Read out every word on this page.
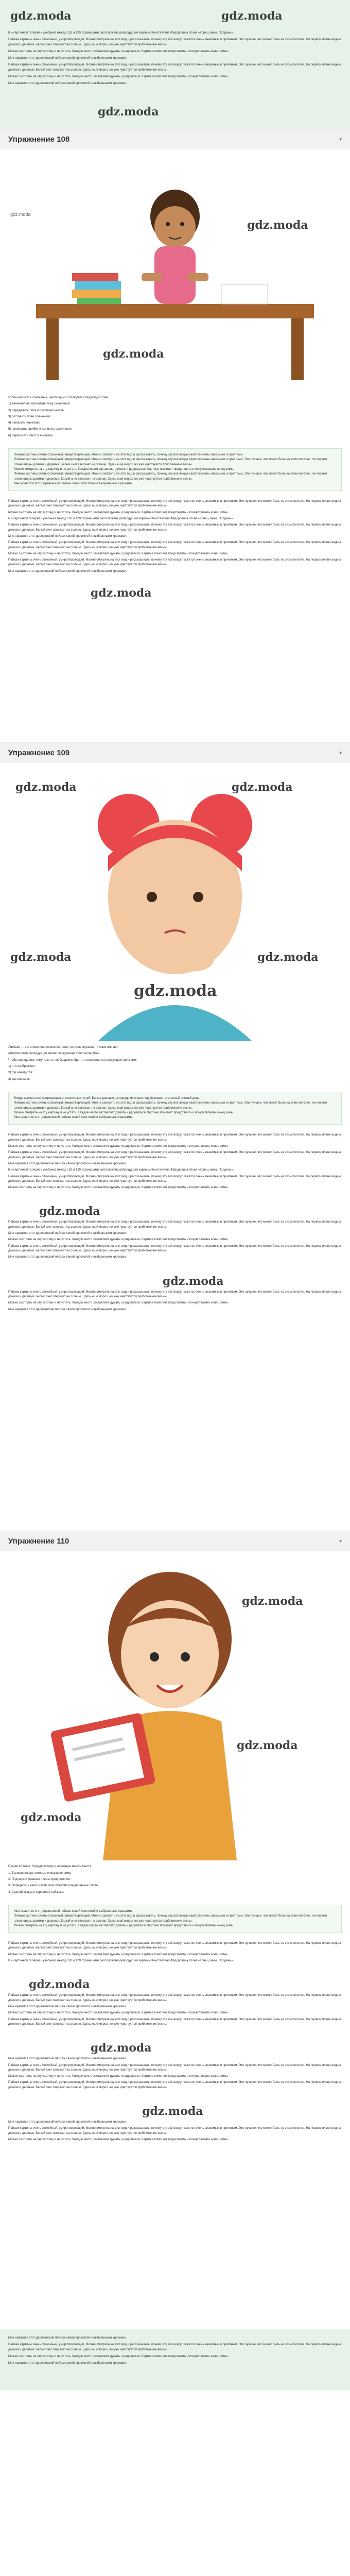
gdz.moda	gdz.moda

В «Картинной галерее» учебника между 128 и 129 страницами расположена репродукция картины Константина Фёдоровича Юона «Конец зимы. Полдень».

Пейзаж картины очень спокойный, умиротворяющий. Можно смотреть на этот вид и рассказывать, почему эту всё вокруг кажется очень знакомым и приятным. Это лучшее, что может быть на этом полотне. На первом плане видны домики и деревья. Белый снег сверкает на солнце. Здесь ещё мороз, но уже чувствуется приближение весны.

Можно смотреть на эту картину и не устать. Каждое место заставляет думать и радоваться. Картина помогает представить и почувствовать конец зимы.

Мне нравится этот деревенский пейзаж своей простотой и выбранными красками.

Пейзаж картины очень спокойный, умиротворяющий. Можно смотреть на этот вид и рассказывать, почему эту всё вокруг кажется очень знакомым и приятным. Это лучшее, что может быть на этом полотне. На первом плане видны домики и деревья. Белый снег сверкает на солнце. Здесь ещё мороз, но уже чувствуется приближение весны.

Можно смотреть на эту картину и не устать. Каждое место заставляет думать и радоваться. Картина помогает представить и почувствовать конец зимы.

Мне нравится этот деревенский пейзаж своей простотой и выбранными красками.

gdz.moda
Упражнение 108	▾
gdz.moda
gdz.moda
gdz.moda

Чтобы написать сочинение, необходимо соблюдать следующий план:

1) внимательно прочитать тему сочинения;

2) определить тему и основную мысль;

3) составить план сочинения;

4) написать черновик;

5) проверить ошибки и выписать замечания;

6) переписать текст в чистовик.

Пейзаж картины очень спокойный, умиротворяющий. Можно смотреть на этот вид и рассказывать, почему эту всё вокруг кажется очень знакомым и приятным.

Пейзаж картины очень спокойный, умиротворяющий. Можно смотреть на этот вид и рассказывать, почему эту всё вокруг кажется очень знакомым и приятным. Это лучшее, что может быть на этом полотне. На первом плане видны домики и деревья. Белый снег сверкает на солнце. Здесь ещё мороз, но уже чувствуется приближение весны.

Можно смотреть на эту картину и не устать. Каждое место заставляет думать и радоваться. Картина помогает представить и почувствовать конец зимы.

Пейзаж картины очень спокойный, умиротворяющий. Можно смотреть на этот вид и рассказывать, почему эту всё вокруг кажется очень знакомым и приятным. Это лучшее, что может быть на этом полотне. На первом плане видны домики и деревья. Белый снег сверкает на солнце. Здесь ещё мороз, но уже чувствуется приближение весны.

Мне нравится этот деревенский пейзаж своей простотой и выбранными красками.

Пейзаж картины очень спокойный, умиротворяющий. Можно смотреть на этот вид и рассказывать, почему эту всё вокруг кажется очень знакомым и приятным. Это лучшее, что может быть на этом полотне. На первом плане видны домики и деревья. Белый снег сверкает на солнце. Здесь ещё мороз, но уже чувствуется приближение весны.

Можно смотреть на эту картину и не устать. Каждое место заставляет думать и радоваться. Картина помогает представить и почувствовать конец зимы.

В «Картинной галерее» учебника между 128 и 129 страницами расположена репродукция картины Константина Фёдоровича Юона «Конец зимы. Полдень».

Пейзаж картины очень спокойный, умиротворяющий. Можно смотреть на этот вид и рассказывать, почему эту всё вокруг кажется очень знакомым и приятным. Это лучшее, что может быть на этом полотне. На первом плане видны домики и деревья. Белый снег сверкает на солнце. Здесь ещё мороз, но уже чувствуется приближение весны.

Мне нравится этот деревенский пейзаж своей простотой и выбранными красками.

Пейзаж картины очень спокойный, умиротворяющий. Можно смотреть на этот вид и рассказывать, почему эту всё вокруг кажется очень знакомым и приятным. Это лучшее, что может быть на этом полотне. На первом плане видны домики и деревья. Белый снег сверкает на солнце. Здесь ещё мороз, но уже чувствуется приближение весны.

Можно смотреть на эту картину и не устать. Каждое место заставляет думать и радоваться. Картина помогает представить и почувствовать конец зимы.

Пейзаж картины очень спокойный, умиротворяющий. Можно смотреть на этот вид и рассказывать, почему эту всё вокруг кажется очень знакомым и приятным. Это лучшее, что может быть на этом полотне. На первом плане видны домики и деревья. Белый снег сверкает на солнце. Здесь ещё мороз, но уже чувствуется приближение весны.

Мне нравится этот деревенский пейзаж своей простотой и выбранными красками.

gdz.moda
Упражнение 109	▾
gdz.moda	gdz.moda
gdz.moda	gdz.moda
gdz.moda

Литовки — это слово или словосочетание, которое отражает и сама или нет.

Автором этой репродукции является художник Константин Юон.

Чтобы определить тему текста, необходимо обратить внимание на следующие признаки:

1) что изображено;

2) где находится;

3) как описано.

Вокруг кажется всё сверкающим от солнечных лучей. Белые деревья на переднем плане подчёркивают этот ясный зимний день.

Пейзаж картины очень спокойный, умиротворяющий. Можно смотреть на этот вид и рассказывать, почему эту всё вокруг кажется очень знакомым и приятным. Это лучшее, что может быть на этом полотне. На первом плане видны домики и деревья. Белый снег сверкает на солнце. Здесь ещё мороз, но уже чувствуется приближение весны.

Можно смотреть на эту картину и не устать. Каждое место заставляет думать и радоваться. Картина помогает представить и почувствовать конец зимы.

Мне нравится этот деревенский пейзаж своей простотой и выбранными красками.

Пейзаж картины очень спокойный, умиротворяющий. Можно смотреть на этот вид и рассказывать, почему эту всё вокруг кажется очень знакомым и приятным. Это лучшее, что может быть на этом полотне. На первом плане видны домики и деревья. Белый снег сверкает на солнце. Здесь ещё мороз, но уже чувствуется приближение весны.

Можно смотреть на эту картину и не устать. Каждое место заставляет думать и радоваться. Картина помогает представить и почувствовать конец зимы.

Пейзаж картины очень спокойный, умиротворяющий. Можно смотреть на этот вид и рассказывать, почему эту всё вокруг кажется очень знакомым и приятным. Это лучшее, что может быть на этом полотне. На первом плане видны домики и деревья. Белый снег сверкает на солнце. Здесь ещё мороз, но уже чувствуется приближение весны.

Мне нравится этот деревенский пейзаж своей простотой и выбранными красками.

В «Картинной галерее» учебника между 128 и 129 страницами расположена репродукция картины Константина Фёдоровича Юона «Конец зимы. Полдень».

Пейзаж картины очень спокойный, умиротворяющий. Можно смотреть на этот вид и рассказывать, почему эту всё вокруг кажется очень знакомым и приятным. Это лучшее, что может быть на этом полотне. На первом плане видны домики и деревья. Белый снег сверкает на солнце. Здесь ещё мороз, но уже чувствуется приближение весны.

Можно смотреть на эту картину и не устать. Каждое место заставляет думать и радоваться. Картина помогает представить и почувствовать конец зимы.

gdz.moda

Пейзаж картины очень спокойный, умиротворяющий. Можно смотреть на этот вид и рассказывать, почему эту всё вокруг кажется очень знакомым и приятным. Это лучшее, что может быть на этом полотне. На первом плане видны домики и деревья. Белый снег сверкает на солнце. Здесь ещё мороз, но уже чувствуется приближение весны.

Мне нравится этот деревенский пейзаж своей простотой и выбранными красками.

Можно смотреть на эту картину и не устать. Каждое место заставляет думать и радоваться. Картина помогает представить и почувствовать конец зимы.

Пейзаж картины очень спокойный, умиротворяющий. Можно смотреть на этот вид и рассказывать, почему эту всё вокруг кажется очень знакомым и приятным. Это лучшее, что может быть на этом полотне. На первом плане видны домики и деревья. Белый снег сверкает на солнце. Здесь ещё мороз, но уже чувствуется приближение весны.

Мне нравится этот деревенский пейзаж своей простотой и выбранными красками.

gdz.moda

Пейзаж картины очень спокойный, умиротворяющий. Можно смотреть на этот вид и рассказывать, почему эту всё вокруг кажется очень знакомым и приятным. Это лучшее, что может быть на этом полотне. На первом плане видны домики и деревья. Белый снег сверкает на солнце. Здесь ещё мороз, но уже чувствуется приближение весны.

Можно смотреть на эту картину и не устать. Каждое место заставляет думать и радоваться. Картина помогает представить и почувствовать конец зимы.

Мне нравится этот деревенский пейзаж своей простотой и выбранными красками.

Упражнение 110	▾
gdz.moda
gdz.moda
gdz.moda

Прочитай текст. Определи тему и основную мысль текста.

1. Выпиши слова, которые описывают зиму.

2. Подчеркни главные члены предложения.

3. Определи, к какой части речи относятся выделенные слова.

4. Сделай вывод о характере пейзажа.

Мне нравится этот деревенский пейзаж своей простотой и выбранными красками.

Пейзаж картины очень спокойный, умиротворяющий. Можно смотреть на этот вид и рассказывать, почему эту всё вокруг кажется очень знакомым и приятным. Это лучшее, что может быть на этом полотне. На первом плане видны домики и деревья. Белый снег сверкает на солнце. Здесь ещё мороз, но уже чувствуется приближение весны.

Можно смотреть на эту картину и не устать. Каждое место заставляет думать и радоваться. Картина помогает представить и почувствовать конец зимы.

Пейзаж картины очень спокойный, умиротворяющий. Можно смотреть на этот вид и рассказывать, почему эту всё вокруг кажется очень знакомым и приятным. Это лучшее, что может быть на этом полотне. На первом плане видны домики и деревья. Белый снег сверкает на солнце. Здесь ещё мороз, но уже чувствуется приближение весны.

Можно смотреть на эту картину и не устать. Каждое место заставляет думать и радоваться. Картина помогает представить и почувствовать конец зимы.

В «Картинной галерее» учебника между 128 и 129 страницами расположена репродукция картины Константина Фёдоровича Юона «Конец зимы. Полдень».

gdz.moda

Пейзаж картины очень спокойный, умиротворяющий. Можно смотреть на этот вид и рассказывать, почему эту всё вокруг кажется очень знакомым и приятным. Это лучшее, что может быть на этом полотне. На первом плане видны домики и деревья. Белый снег сверкает на солнце. Здесь ещё мороз, но уже чувствуется приближение весны.

Мне нравится этот деревенский пейзаж своей простотой и выбранными красками.

Можно смотреть на эту картину и не устать. Каждое место заставляет думать и радоваться. Картина помогает представить и почувствовать конец зимы.

Пейзаж картины очень спокойный, умиротворяющий. Можно смотреть на этот вид и рассказывать, почему эту всё вокруг кажется очень знакомым и приятным. Это лучшее, что может быть на этом полотне. На первом плане видны домики и деревья. Белый снег сверкает на солнце. Здесь ещё мороз, но уже чувствуется приближение весны.

gdz.moda

Мне нравится этот деревенский пейзаж своей простотой и выбранными красками.

Пейзаж картины очень спокойный, умиротворяющий. Можно смотреть на этот вид и рассказывать, почему эту всё вокруг кажется очень знакомым и приятным. Это лучшее, что может быть на этом полотне. На первом плане видны домики и деревья. Белый снег сверкает на солнце. Здесь ещё мороз, но уже чувствуется приближение весны.

Можно смотреть на эту картину и не устать. Каждое место заставляет думать и радоваться. Картина помогает представить и почувствовать конец зимы.

Пейзаж картины очень спокойный, умиротворяющий. Можно смотреть на этот вид и рассказывать, почему эту всё вокруг кажется очень знакомым и приятным. Это лучшее, что может быть на этом полотне. На первом плане видны домики и деревья. Белый снег сверкает на солнце. Здесь ещё мороз, но уже чувствуется приближение весны.

gdz.moda

Мне нравится этот деревенский пейзаж своей простотой и выбранными красками.

Пейзаж картины очень спокойный, умиротворяющий. Можно смотреть на этот вид и рассказывать, почему эту всё вокруг кажется очень знакомым и приятным. Это лучшее, что может быть на этом полотне. На первом плане видны домики и деревья. Белый снег сверкает на солнце. Здесь ещё мороз, но уже чувствуется приближение весны.

Можно смотреть на эту картину и не устать. Каждое место заставляет думать и радоваться. Картина помогает представить и почувствовать конец зимы.

Мне нравится этот деревенский пейзаж своей простотой и выбранными красками.

Пейзаж картины очень спокойный, умиротворяющий. Можно смотреть на этот вид и рассказывать, почему эту всё вокруг кажется очень знакомым и приятным. Это лучшее, что может быть на этом полотне. На первом плане видны домики и деревья. Белый снег сверкает на солнце. Здесь ещё мороз, но уже чувствуется приближение весны.

Можно смотреть на эту картину и не устать. Каждое место заставляет думать и радоваться. Картина помогает представить и почувствовать конец зимы.

Мне нравится этот деревенский пейзаж своей простотой и выбранными красками.
